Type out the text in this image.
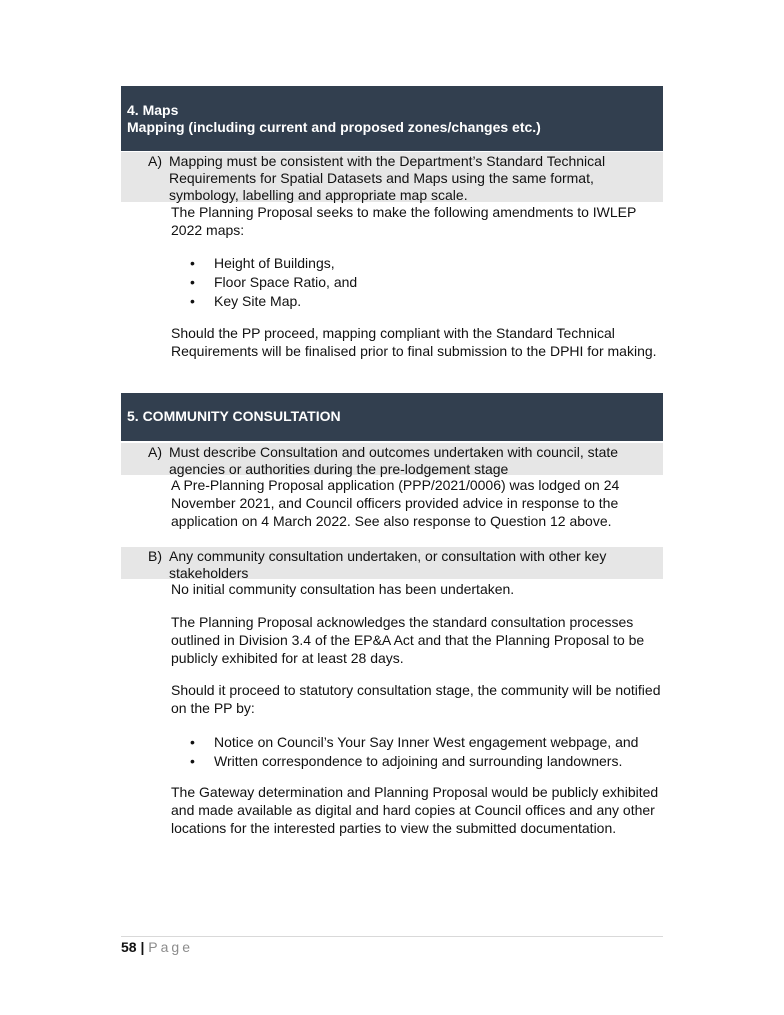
4. Maps
Mapping (including current and proposed zones/changes etc.)
A) Mapping must be consistent with the Department’s Standard Technical Requirements for Spatial Datasets and Maps using the same format, symbology, labelling and appropriate map scale.

The Planning Proposal seeks to make the following amendments to IWLEP 2022 maps:

• Height of Buildings,
• Floor Space Ratio, and
• Key Site Map.

Should the PP proceed, mapping compliant with the Standard Technical Requirements will be finalised prior to final submission to the DPHI for making.

5. COMMUNITY CONSULTATION
A) Must describe Consultation and outcomes undertaken with council, state agencies or authorities during the pre-lodgement stage

A Pre-Planning Proposal application (PPP/2021/0006) was lodged on 24 November 2021, and Council officers provided advice in response to the application on 4 March 2022. See also response to Question 12 above.

B) Any community consultation undertaken, or consultation with other key stakeholders

No initial community consultation has been undertaken.

The Planning Proposal acknowledges the standard consultation processes outlined in Division 3.4 of the EP&A Act and that the Planning Proposal to be publicly exhibited for at least 28 days.

Should it proceed to statutory consultation stage, the community will be notified on the PP by:

• Notice on Council’s Your Say Inner West engagement webpage, and
• Written correspondence to adjoining and surrounding landowners.

The Gateway determination and Planning Proposal would be publicly exhibited and made available as digital and hard copies at Council offices and any other locations for the interested parties to view the submitted documentation.

58 | Page
